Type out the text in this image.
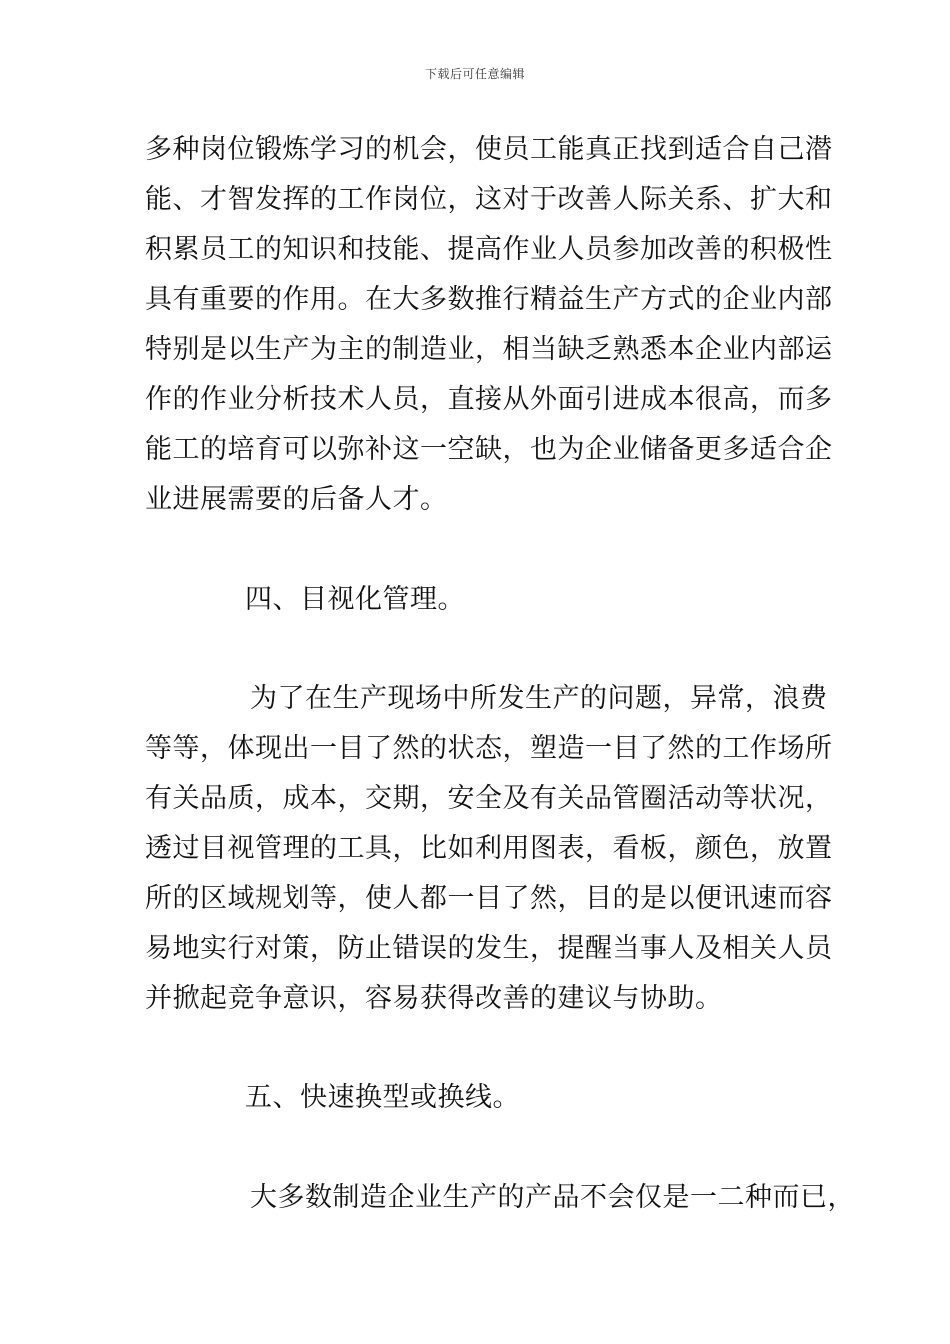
下载后可任意编辑
多种岗位锻炼学习的机会，使员工能真正找到适合自己潜
能、才智发挥的工作岗位，这对于改善人际关系、扩大和
积累员工的知识和技能、提高作业人员参加改善的积极性
具有重要的作用。在大多数推行精益生产方式的企业内部
特别是以生产为主的制造业，相当缺乏熟悉本企业内部运
作的作业分析技术人员，直接从外面引进成本很高，而多
能工的培育可以弥补这一空缺，也为企业储备更多适合企
业进展需要的后备人才。
四、目视化管理。
为了在生产现场中所发生产的问题，异常，浪费
等等，体现出一目了然的状态，塑造一目了然的工作场所
有关品质，成本，交期，安全及有关品管圈活动等状况，
透过目视管理的工具，比如利用图表，看板，颜色，放置
所的区域规划等，使人都一目了然，目的是以便讯速而容
易地实行对策，防止错误的发生，提醒当事人及相关人员
并掀起竞争意识，容易获得改善的建议与协助。
五、快速换型或换线。
大多数制造企业生产的产品不会仅是一二种而已，
